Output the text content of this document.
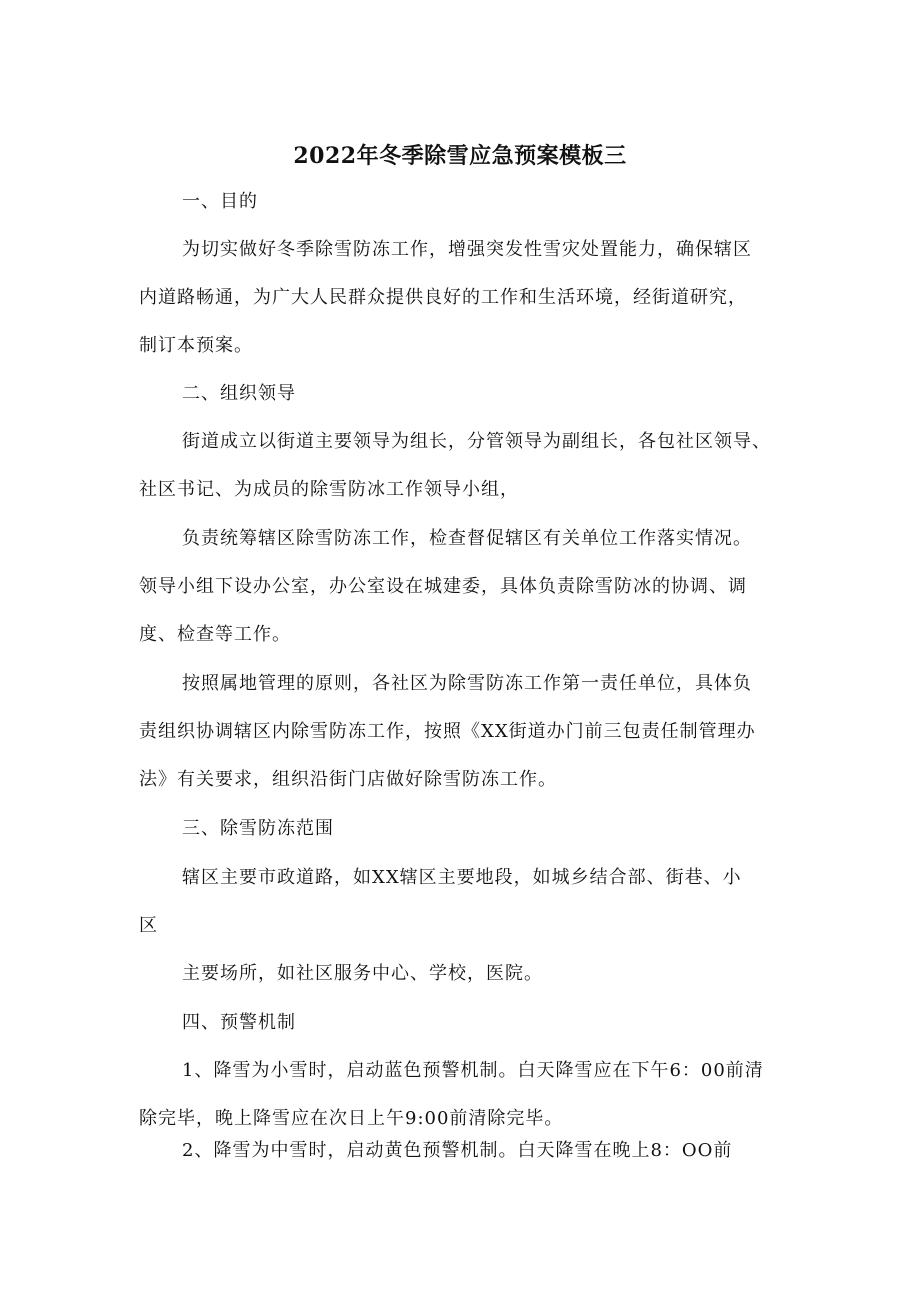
2022年冬季除雪应急预案模板三
一、目的
为切实做好冬季除雪防冻工作，增强突发性雪灾处置能力，确保辖区
内道路畅通，为广大人民群众提供良好的工作和生活环境，经街道研究，
制订本预案。
二、组织领导
街道成立以街道主要领导为组长，分管领导为副组长，各包社区领导、
社区书记、为成员的除雪防冰工作领导小组，
负责统筹辖区除雪防冻工作，检查督促辖区有关单位工作落实情况。
领导小组下设办公室，办公室设在城建委，具体负责除雪防冰的协调、调
度、检查等工作。
按照属地管理的原则，各社区为除雪防冻工作第一责任单位，具体负
责组织协调辖区内除雪防冻工作，按照《XX街道办门前三包责任制管理办
法》有关要求，组织沿街门店做好除雪防冻工作。
三、除雪防冻范围
辖区主要市政道路，如XX辖区主要地段，如城乡结合部、街巷、小
区
主要场所，如社区服务中心、学校，医院。
四、预警机制
1、降雪为小雪时，启动蓝色预警机制。白天降雪应在下午6：00前清
除完毕，晚上降雪应在次日上午9:00前清除完毕。
2、降雪为中雪时，启动黄色预警机制。白天降雪在晚上8：OO前
